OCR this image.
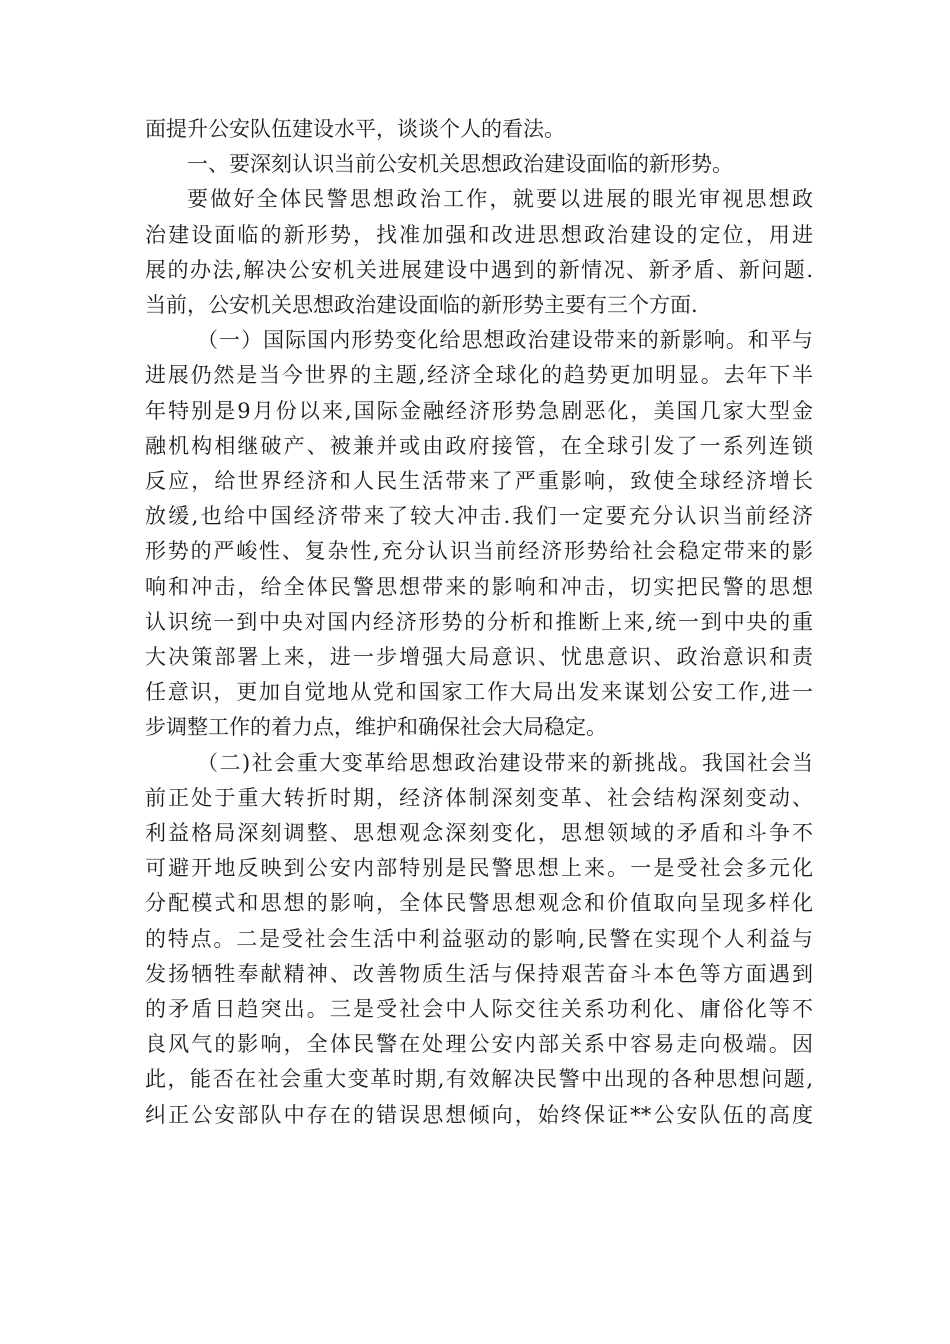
面提升公安队伍建设水平，谈谈个人的看法。
一、要深刻认识当前公安机关思想政治建设面临的新形势。
要做好全体民警思想政治工作，就要以进展的眼光审视思想政
治建设面临的新形势，找准加强和改进思想政治建设的定位，用进
展的办法,解决公安机关进展建设中遇到的新情况、新矛盾、新问题.
当前，公安机关思想政治建设面临的新形势主要有三个方面.
（一）国际国内形势变化给思想政治建设带来的新影响。和平与
进展仍然是当今世界的主题,经济全球化的趋势更加明显。去年下半
年特别是9月份以来,国际金融经济形势急剧恶化，美国几家大型金
融机构相继破产、被兼并或由政府接管，在全球引发了一系列连锁
反应，给世界经济和人民生活带来了严重影响，致使全球经济增长
放缓,也给中国经济带来了较大冲击.我们一定要充分认识当前经济
形势的严峻性、复杂性,充分认识当前经济形势给社会稳定带来的影
响和冲击，给全体民警思想带来的影响和冲击，切实把民警的思想
认识统一到中央对国内经济形势的分析和推断上来,统一到中央的重
大决策部署上来，进一步增强大局意识、忧患意识、政治意识和责
任意识，更加自觉地从党和国家工作大局出发来谋划公安工作,进一
步调整工作的着力点，维护和确保社会大局稳定。
（二)社会重大变革给思想政治建设带来的新挑战。我国社会当
前正处于重大转折时期，经济体制深刻变革、社会结构深刻变动、
利益格局深刻调整、思想观念深刻变化，思想领域的矛盾和斗争不
可避开地反映到公安内部特别是民警思想上来。一是受社会多元化
分配模式和思想的影响，全体民警思想观念和价值取向呈现多样化
的特点。二是受社会生活中利益驱动的影响,民警在实现个人利益与
发扬牺牲奉献精神、改善物质生活与保持艰苦奋斗本色等方面遇到
的矛盾日趋突出。三是受社会中人际交往关系功利化、庸俗化等不
良风气的影响，全体民警在处理公安内部关系中容易走向极端。因
此，能否在社会重大变革时期,有效解决民警中出现的各种思想问题,
纠正公安部队中存在的错误思想倾向，始终保证**公安队伍的高度
